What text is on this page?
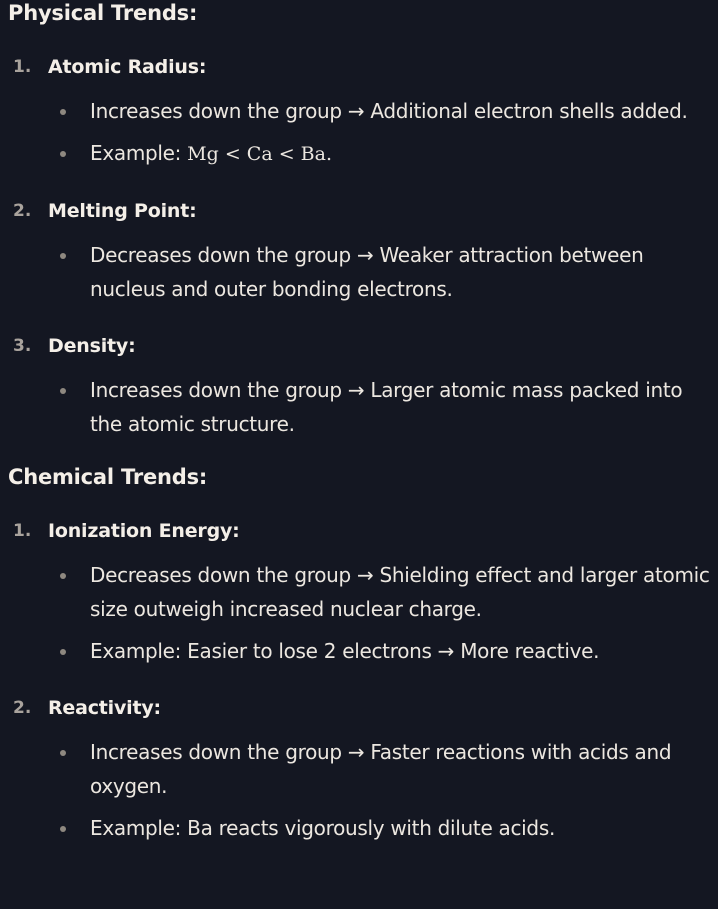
Physical Trends:
1. Atomic Radius:
Increases down the group → Additional electron shells added.
Example: Mg < Ca < Ba.
2. Melting Point:
Decreases down the group → Weaker attraction between nucleus and outer bonding electrons.
3. Density:
Increases down the group → Larger atomic mass packed into the atomic structure.
Chemical Trends:
1. Ionization Energy:
Decreases down the group → Shielding effect and larger atomic size outweigh increased nuclear charge.
Example: Easier to lose 2 electrons → More reactive.
2. Reactivity:
Increases down the group → Faster reactions with acids and oxygen.
Example: Ba reacts vigorously with dilute acids.
